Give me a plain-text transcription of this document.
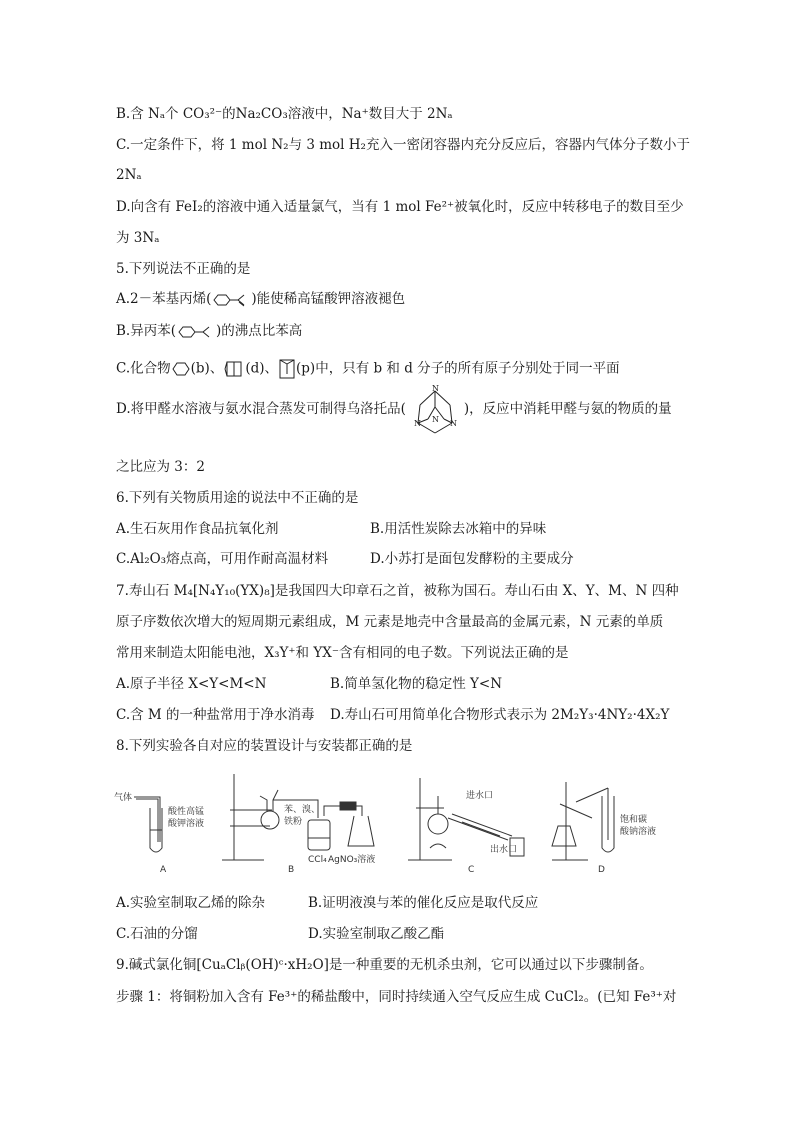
B.含 Nₐ个 CO₃²⁻的Na₂CO₃溶液中，Na⁺数目大于 2Nₐ
C.一定条件下，将 1 mol N₂与 3 mol H₂充入一密闭容器内充分反应后，容器内气体分子数小于
2Nₐ
D.向含有 FeI₂的溶液中通入适量氯气，当有 1 mol Fe²⁺被氧化时，反应中转移电子的数目至少
为 3Nₐ
5.下列说法不正确的是
A.2－苯基丙烯(	)能使稀高锰酸钾溶液褪色
B.异丙苯(	)的沸点比苯高
C.化合物 (b)、 (d)、 (p)中，只有 b 和 d 分子的所有原子分别处于同一平面
D.将甲醛水溶液与氨水混合蒸发可制得乌洛托品(
N
N	N
N
)，反应中消耗甲醛与氨的物质的量
之比应为 3：2
6.下列有关物质用途的说法中不正确的是
A.生石灰用作食品抗氧化剂	B.用活性炭除去冰箱中的异味
C.Al₂O₃熔点高，可用作耐高温材料	D.小苏打是面包发酵粉的主要成分
7.寿山石 M₄[N₄Y₁₀(YX)₈]是我国四大印章石之首，被称为国石。寿山石由 X、Y、M、N 四种
原子序数依次增大的短周期元素组成，M 元素是地壳中含量最高的金属元素，N 元素的单质
常用来制造太阳能电池，X₃Y⁺和 YX⁻含有相同的电子数。下列说法正确的是
A.原子半径 X<Y<M<N	B.简单氢化物的稳定性 Y<N
C.含 M 的一种盐常用于净水消毒 D.寿山石可用简单化合物形式表示为 2M₂Y₃·4NY₂·4X₂Y
8.下列实验各自对应的装置设计与安装都正确的是
气体
酸性高锰
酸钾溶液
A
苯、溴、
铁粉
CCl₄ AgNO₃溶液
B
进水口
出水口
C
饱和碳
酸钠溶液
D
A.实验室制取乙烯的除杂	B.证明液溴与苯的催化反应是取代反应
C.石油的分馏	D.实验室制取乙酸乙酯
9.碱式氯化铜[CuₐClᵦ(OH)ᶜ·xH₂O]是一种重要的无机杀虫剂，它可以通过以下步骤制备。
步骤 1：将铜粉加入含有 Fe³⁺的稀盐酸中，同时持续通入空气反应生成 CuCl₂。(已知 Fe³⁺对
